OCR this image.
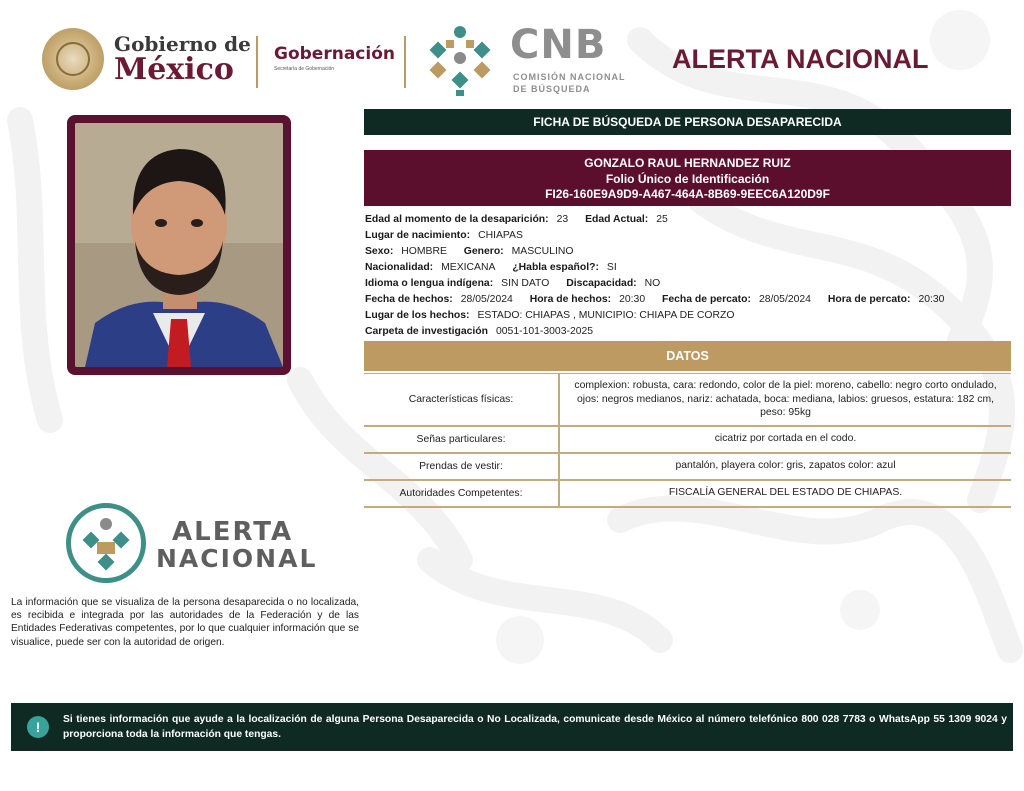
Gobierno de
México Gobernación
Secretaría de Gobernación
CNB
COMISIÓN NACIONAL
DE BÚSQUEDA
ALERTA NACIONAL
FICHA DE BÚSQUEDA DE PERSONA DESAPARECIDA
GONZALO RAUL HERNANDEZ RUIZ
Folio Único de Identificación
FI26-160E9A9D9-A467-464A-8B69-9EEC6A120D9F
Edad al momento de la desaparición: 23 Edad Actual: 25
Lugar de nacimiento: CHIAPAS
Sexo: HOMBRE Genero: MASCULINO
Nacionalidad: MEXICANA ¿Habla español?: SI
Idioma o lengua indígena: SIN DATO Discapacidad: NO
Fecha de hechos: 28/05/2024 Hora de hechos: 20:30 Fecha de percato: 28/05/2024 Hora de percato: 20:30
Lugar de los hechos: ESTADO: CHIAPAS , MUNICIPIO: CHIAPA DE CORZO
Carpeta de investigación 0051-101-3003-2025
DATOS
Características físicas:	complexion: robusta, cara: redondo, color de la piel: moreno, cabello: negro corto ondulado, ojos: negros medianos, nariz: achatada, boca: mediana, labios: gruesos, estatura: 182 cm, peso: 95kg
Señas particulares:	cicatriz por cortada en el codo.
Prendas de vestir:	pantalón, playera color: gris, zapatos color: azul
Autoridades Competentes:	FISCALÍA GENERAL DEL ESTADO DE CHIAPAS.
ALERTA
NACIONAL
La información que se visualiza de la persona desaparecida o no localizada, es recibida e integrada por las autoridades de la Federación y de las Entidades Federativas competentes, por lo que cualquier información que se visualice, puede ser con la autoridad de origen.
!	Si tienes información que ayude a la localización de alguna Persona Desaparecida o No Localizada, comunicate desde México al número telefónico 800 028 7783 o WhatsApp 55 1309 9024 y proporciona toda la información que tengas.
